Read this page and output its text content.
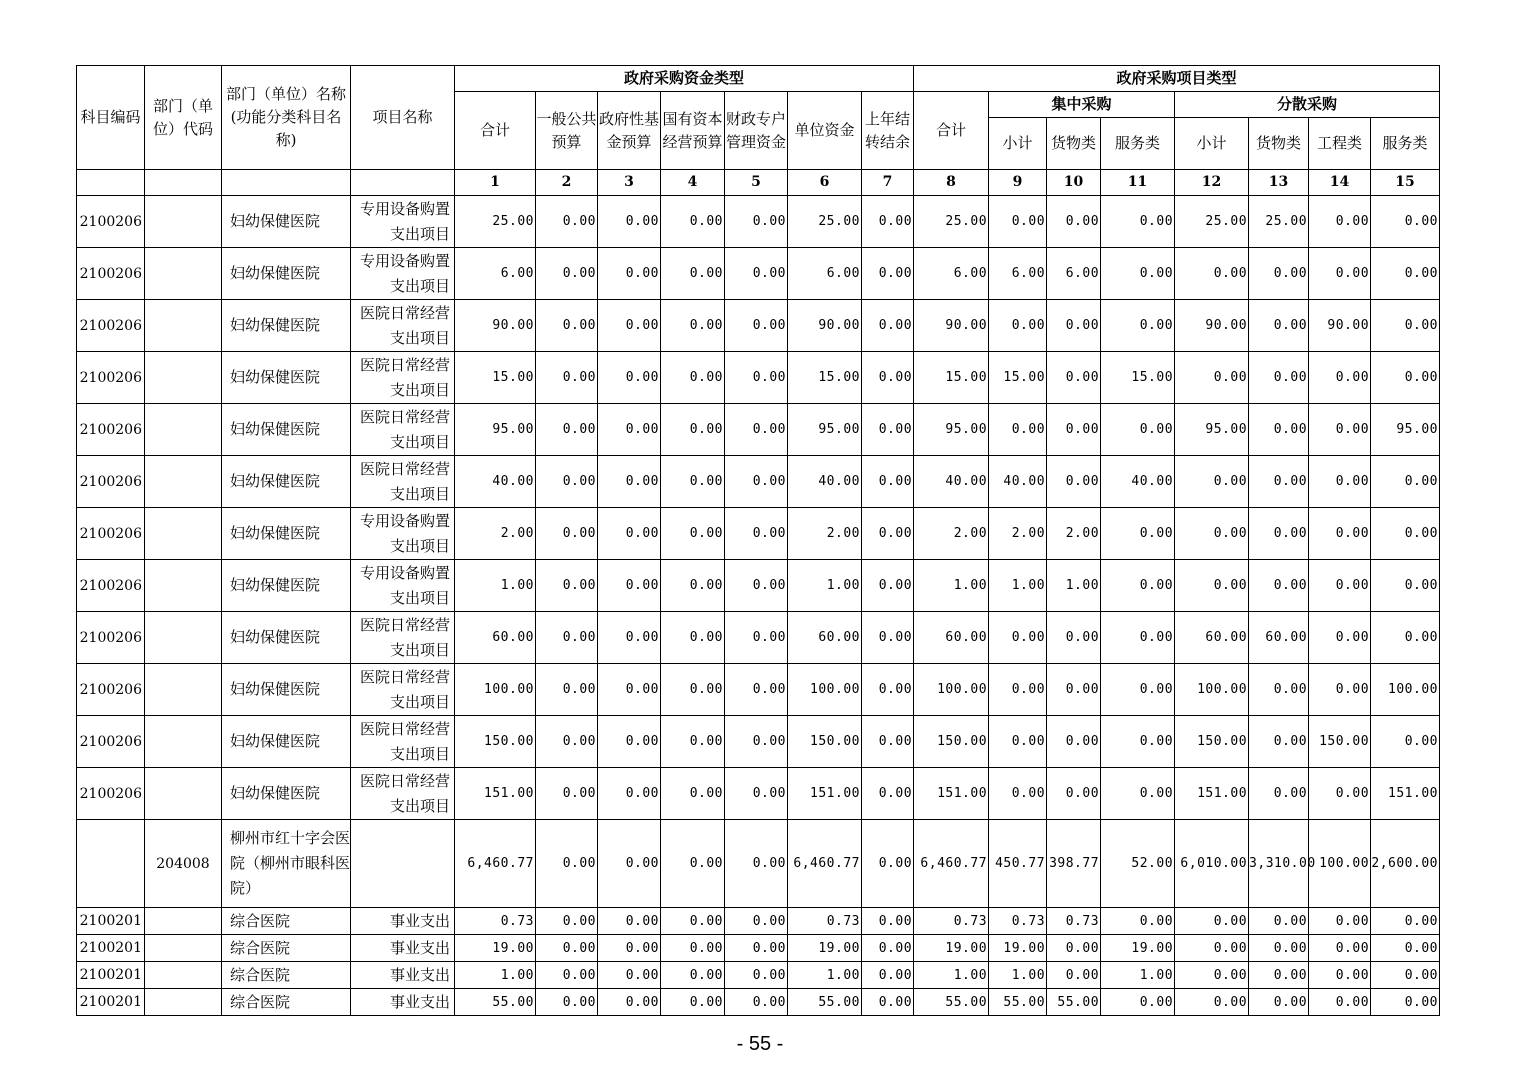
科目编码	部门（单位）代码	部门（单位）名称(功能分类科目名称)	项目名称	政府采购资金类型							政府采购项目类型							
				合计	一般公共预算	政府性基金预算	国有资本经营预算	财政专户管理资金	单位资金	上年结转结余	合计	集中采购			分散采购			
												小计	货物类	服务类	小计	货物类	工程类	服务类
				1	2	3	4	5	6	7	8	9	10	11	12	13	14	15
2100206		妇幼保健医院	专用设备购置支出项目	25.00	0.00	0.00	0.00	0.00	25.00	0.00	25.00	0.00	0.00	0.00	25.00	25.00	0.00	0.00
2100206		妇幼保健医院	专用设备购置支出项目	6.00	0.00	0.00	0.00	0.00	6.00	0.00	6.00	6.00	6.00	0.00	0.00	0.00	0.00	0.00
2100206		妇幼保健医院	医院日常经营支出项目	90.00	0.00	0.00	0.00	0.00	90.00	0.00	90.00	0.00	0.00	0.00	90.00	0.00	90.00	0.00
2100206		妇幼保健医院	医院日常经营支出项目	15.00	0.00	0.00	0.00	0.00	15.00	0.00	15.00	15.00	0.00	15.00	0.00	0.00	0.00	0.00
2100206		妇幼保健医院	医院日常经营支出项目	95.00	0.00	0.00	0.00	0.00	95.00	0.00	95.00	0.00	0.00	0.00	95.00	0.00	0.00	95.00
2100206		妇幼保健医院	医院日常经营支出项目	40.00	0.00	0.00	0.00	0.00	40.00	0.00	40.00	40.00	0.00	40.00	0.00	0.00	0.00	0.00
2100206		妇幼保健医院	专用设备购置支出项目	2.00	0.00	0.00	0.00	0.00	2.00	0.00	2.00	2.00	2.00	0.00	0.00	0.00	0.00	0.00
2100206		妇幼保健医院	专用设备购置支出项目	1.00	0.00	0.00	0.00	0.00	1.00	0.00	1.00	1.00	1.00	0.00	0.00	0.00	0.00	0.00
2100206		妇幼保健医院	医院日常经营支出项目	60.00	0.00	0.00	0.00	0.00	60.00	0.00	60.00	0.00	0.00	0.00	60.00	60.00	0.00	0.00
2100206		妇幼保健医院	医院日常经营支出项目	100.00	0.00	0.00	0.00	0.00	100.00	0.00	100.00	0.00	0.00	0.00	100.00	0.00	0.00	100.00
2100206		妇幼保健医院	医院日常经营支出项目	150.00	0.00	0.00	0.00	0.00	150.00	0.00	150.00	0.00	0.00	0.00	150.00	0.00	150.00	0.00
2100206		妇幼保健医院	医院日常经营支出项目	151.00	0.00	0.00	0.00	0.00	151.00	0.00	151.00	0.00	0.00	0.00	151.00	0.00	0.00	151.00
	204008	柳州市红十字会医院（柳州市眼科医院）		6,460.77	0.00	0.00	0.00	0.00	6,460.77	0.00	6,460.77	450.77	398.77	52.00	6,010.00	3,310.00	100.00	2,600.00
2100201		综合医院	事业支出	0.73	0.00	0.00	0.00	0.00	0.73	0.00	0.73	0.73	0.73	0.00	0.00	0.00	0.00	0.00
2100201		综合医院	事业支出	19.00	0.00	0.00	0.00	0.00	19.00	0.00	19.00	19.00	0.00	19.00	0.00	0.00	0.00	0.00
2100201		综合医院	事业支出	1.00	0.00	0.00	0.00	0.00	1.00	0.00	1.00	1.00	0.00	1.00	0.00	0.00	0.00	0.00
2100201		综合医院	事业支出	55.00	0.00	0.00	0.00	0.00	55.00	0.00	55.00	55.00	55.00	0.00	0.00	0.00	0.00	0.00
- 55 -
